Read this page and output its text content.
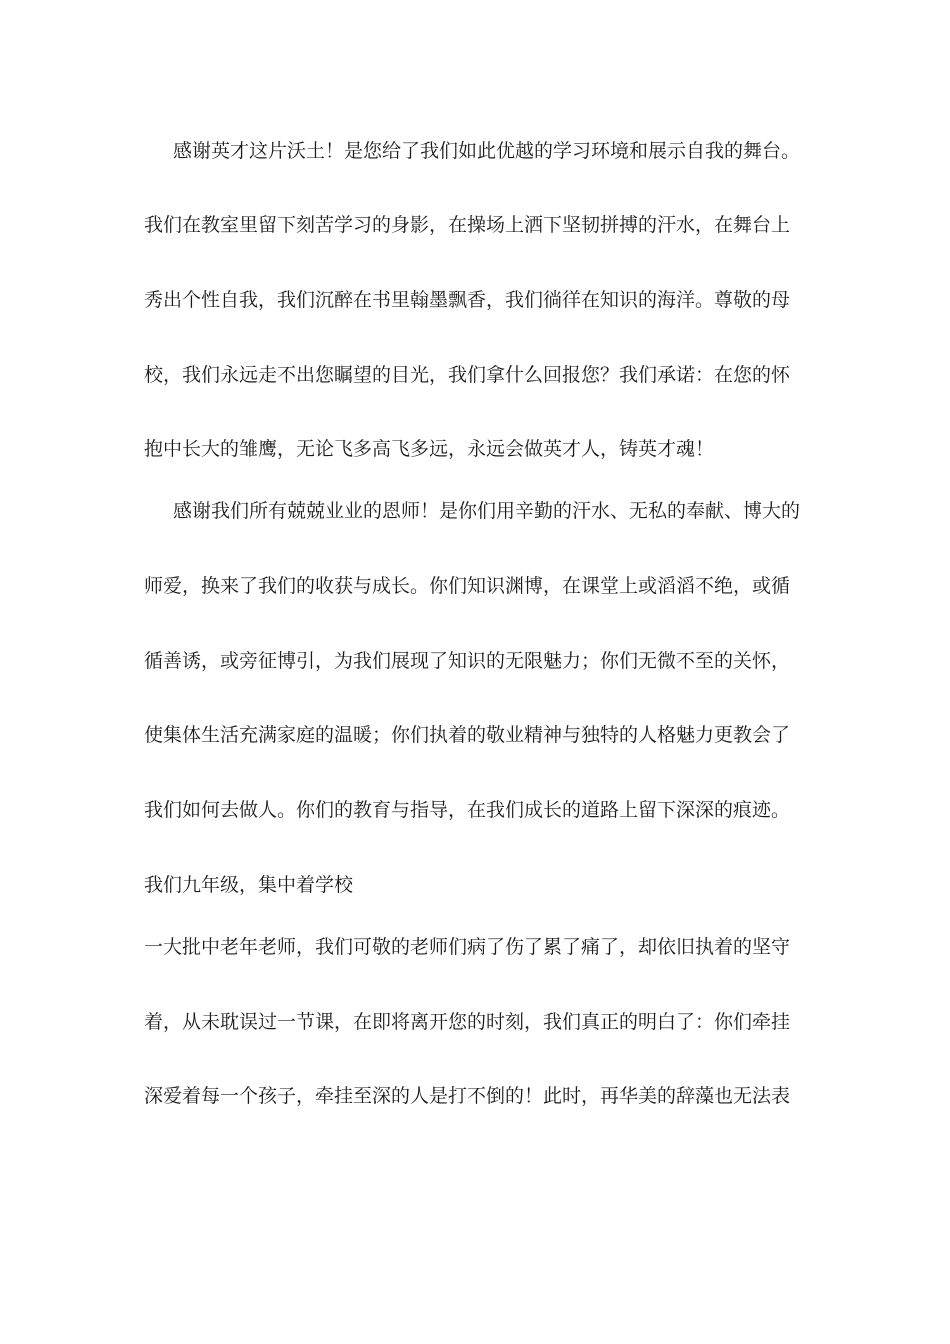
感谢英才这片沃土！是您给了我们如此优越的学习环境和展示自我的舞台。
我们在教室里留下刻苦学习的身影，在操场上洒下坚韧拼搏的汗水，在舞台上
秀出个性自我，我们沉醉在书里翰墨飘香，我们徜徉在知识的海洋。尊敬的母
校，我们永远走不出您瞩望的目光，我们拿什么回报您？我们承诺：在您的怀
抱中长大的雏鹰，无论飞多高飞多远，永远会做英才人，铸英才魂！
感谢我们所有兢兢业业的恩师！是你们用辛勤的汗水、无私的奉献、博大的
师爱，换来了我们的收获与成长。你们知识渊博，在课堂上或滔滔不绝，或循
循善诱，或旁征博引，为我们展现了知识的无限魅力；你们无微不至的关怀，
使集体生活充满家庭的温暖；你们执着的敬业精神与独特的人格魅力更教会了
我们如何去做人。你们的教育与指导，在我们成长的道路上留下深深的痕迹。
我们九年级，集中着学校
一大批中老年老师，我们可敬的老师们病了伤了累了痛了，却依旧执着的坚守
着，从未耽误过一节课，在即将离开您的时刻，我们真正的明白了：你们牵挂
深爱着每一个孩子，牵挂至深的人是打不倒的！此时，再华美的辞藻也无法表
